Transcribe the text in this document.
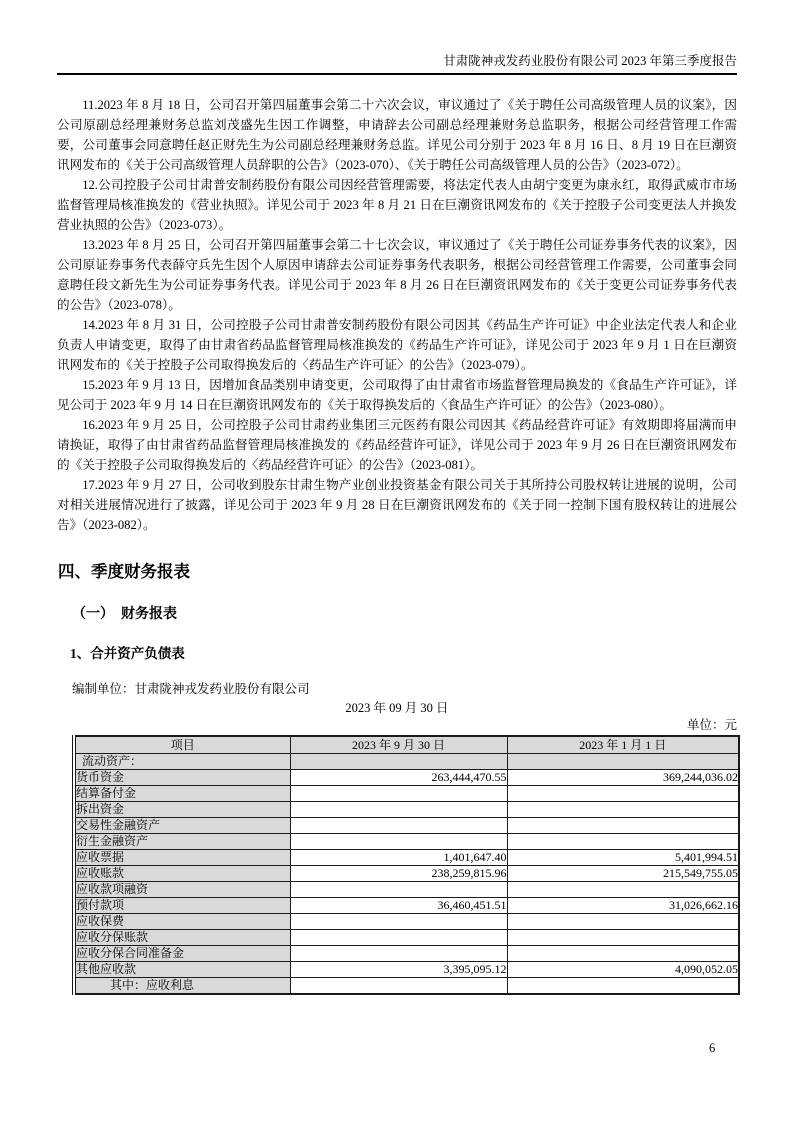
甘肃陇神戎发药业股份有限公司 2023 年第三季度报告

11.2023 年 8 月 18 日，公司召开第四届董事会第二十六次会议，审议通过了《关于聘任公司高级管理人员的议案》，因公司原副总经理兼财务总监刘茂盛先生因工作调整，申请辞去公司副总经理兼财务总监职务，根据公司经营管理工作需要，公司董事会同意聘任赵正财先生为公司副总经理兼财务总监。详见公司分别于 2023 年 8 月 16 日、8 月 19 日在巨潮资讯网发布的《关于公司高级管理人员辞职的公告》（2023-070）、《关于聘任公司高级管理人员的公告》（2023-072）。

12.公司控股子公司甘肃普安制药股份有限公司因经营管理需要，将法定代表人由胡宁变更为康永红，取得武威市市场监督管理局核准换发的《营业执照》。详见公司于 2023 年 8 月 21 日在巨潮资讯网发布的《关于控股子公司变更法人并换发营业执照的公告》（2023-073）。

13.2023 年 8 月 25 日，公司召开第四届董事会第二十七次会议，审议通过了《关于聘任公司证券事务代表的议案》，因公司原证券事务代表薛守兵先生因个人原因申请辞去公司证券事务代表职务，根据公司经营管理工作需要，公司董事会同意聘任段文新先生为公司证券事务代表。详见公司于 2023 年 8 月 26 日在巨潮资讯网发布的《关于变更公司证券事务代表的公告》（2023-078）。

14.2023 年 8 月 31 日，公司控股子公司甘肃普安制药股份有限公司因其《药品生产许可证》中企业法定代表人和企业负责人申请变更，取得了由甘肃省药品监督管理局核准换发的《药品生产许可证》，详见公司于 2023 年 9 月 1 日在巨潮资讯网发布的《关于控股子公司取得换发后的〈药品生产许可证〉的公告》（2023-079）。

15.2023 年 9 月 13 日，因增加食品类别申请变更，公司取得了由甘肃省市场监督管理局换发的《食品生产许可证》，详见公司于 2023 年 9 月 14 日在巨潮资讯网发布的《关于取得换发后的〈食品生产许可证〉的公告》（2023-080）。

16.2023 年 9 月 25 日，公司控股子公司甘肃药业集团三元医药有限公司因其《药品经营许可证》有效期即将届满而申请换证，取得了由甘肃省药品监督管理局核准换发的《药品经营许可证》，详见公司于 2023 年 9 月 26 日在巨潮资讯网发布的《关于控股子公司取得换发后的〈药品经营许可证〉的公告》（2023-081）。

17.2023 年 9 月 27 日，公司收到股东甘肃生物产业创业投资基金有限公司关于其所持公司股权转让进展的说明，公司对相关进展情况进行了披露，详见公司于 2023 年 9 月 28 日在巨潮资讯网发布的《关于同一控制下国有股权转让的进展公告》（2023-082）。

四、季度财务报表
（一）　财务报表
1、合并资产负债表
编制单位：甘肃陇神戎发药业股份有限公司
2023 年 09 月 30 日
单位：元
项目	2023 年 9 月 30 日	2023 年 1 月 1 日
流动资产：		
货币资金	263,444,470.55	369,244,036.02
结算备付金		
拆出资金		
交易性金融资产		
衍生金融资产		
应收票据	1,401,647.40	5,401,994.51
应收账款	238,259,815.96	215,549,755.05
应收款项融资		
预付款项	36,460,451.51	31,026,662.16
应收保费		
应收分保账款		
应收分保合同准备金		
其他应收款	3,395,095.12	4,090,052.05
其中：应收利息		
6
